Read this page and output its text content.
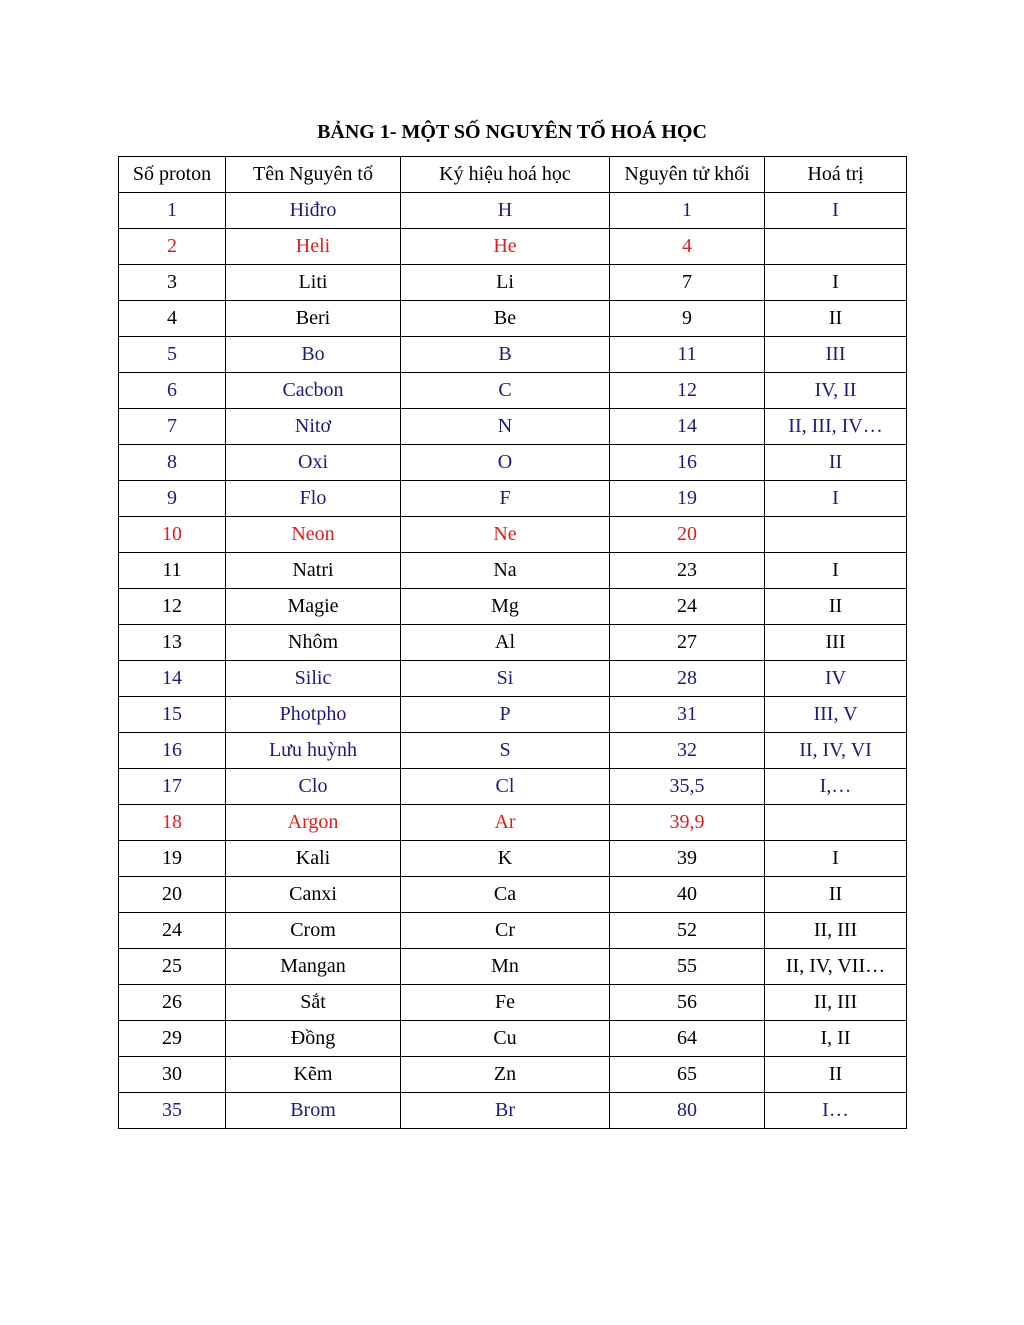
BẢNG 1- MỘT SỐ NGUYÊN TỐ HOÁ HỌC
Số proton	Tên Nguyên tố	Ký hiệu hoá học	Nguyên tử khối	Hoá trị
1	Hiđro	H	1	I
2	Heli	He	4	
3	Liti	Li	7	I
4	Beri	Be	9	II
5	Bo	B	11	III
6	Cacbon	C	12	IV, II
7	Nitơ	N	14	II, III, IV…
8	Oxi	O	16	II
9	Flo	F	19	I
10	Neon	Ne	20	
11	Natri	Na	23	I
12	Magie	Mg	24	II
13	Nhôm	Al	27	III
14	Silic	Si	28	IV
15	Photpho	P	31	III, V
16	Lưu huỳnh	S	32	II, IV, VI
17	Clo	Cl	35,5	I,…
18	Argon	Ar	39,9	
19	Kali	K	39	I
20	Canxi	Ca	40	II
24	Crom	Cr	52	II, III
25	Mangan	Mn	55	II, IV, VII…
26	Sắt	Fe	56	II, III
29	Đồng	Cu	64	I, II
30	Kẽm	Zn	65	II
35	Brom	Br	80	I…
